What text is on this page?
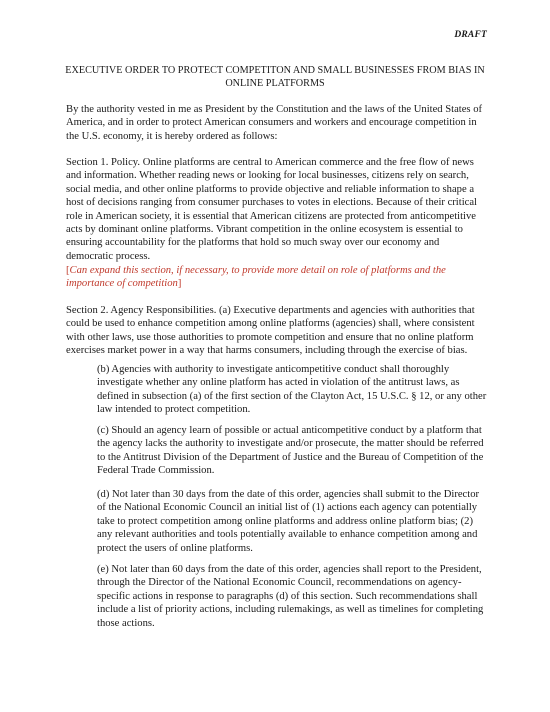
DRAFT
EXECUTIVE ORDER TO PROTECT COMPETITON AND SMALL BUSINESSES FROM BIAS IN ONLINE PLATFORMS

By the authority vested in me as President by the Constitution and the laws of the United States of America, and in order to protect American consumers and workers and encourage competition in the U.S. economy, it is hereby ordered as follows:

Section 1. Policy. Online platforms are central to American commerce and the free flow of news and information. Whether reading news or looking for local businesses, citizens rely on search, social media, and other online platforms to provide objective and reliable information to shape a host of decisions ranging from consumer purchases to votes in elections. Because of their critical role in American society, it is essential that American citizens are protected from anticompetitive acts by dominant online platforms. Vibrant competition in the online ecosystem is essential to ensuring accountability for the platforms that hold so much sway over our economy and democratic process.

[Can expand this section, if necessary, to provide more detail on role of platforms and the importance of competition]

Section 2. Agency Responsibilities. (a) Executive departments and agencies with authorities that could be used to enhance competition among online platforms (agencies) shall, where consistent with other laws, use those authorities to promote competition and ensure that no online platform exercises market power in a way that harms consumers, including through the exercise of bias.

(b) Agencies with authority to investigate anticompetitive conduct shall thoroughly investigate whether any online platform has acted in violation of the antitrust laws, as defined in subsection (a) of the first section of the Clayton Act, 15 U.S.C. § 12, or any other law intended to protect competition.

(c) Should an agency learn of possible or actual anticompetitive conduct by a platform that the agency lacks the authority to investigate and/or prosecute, the matter should be referred to the Antitrust Division of the Department of Justice and the Bureau of Competition of the Federal Trade Commission.

(d) Not later than 30 days from the date of this order, agencies shall submit to the Director of the National Economic Council an initial list of (1) actions each agency can potentially take to protect competition among online platforms and address online platform bias; (2) any relevant authorities and tools potentially available to enhance competition among and protect the users of online platforms.

(e) Not later than 60 days from the date of this order, agencies shall report to the President, through the Director of the National Economic Council, recommendations on agency-specific actions in response to paragraphs (d) of this section. Such recommendations shall include a list of priority actions, including rulemakings, as well as timelines for completing those actions.
